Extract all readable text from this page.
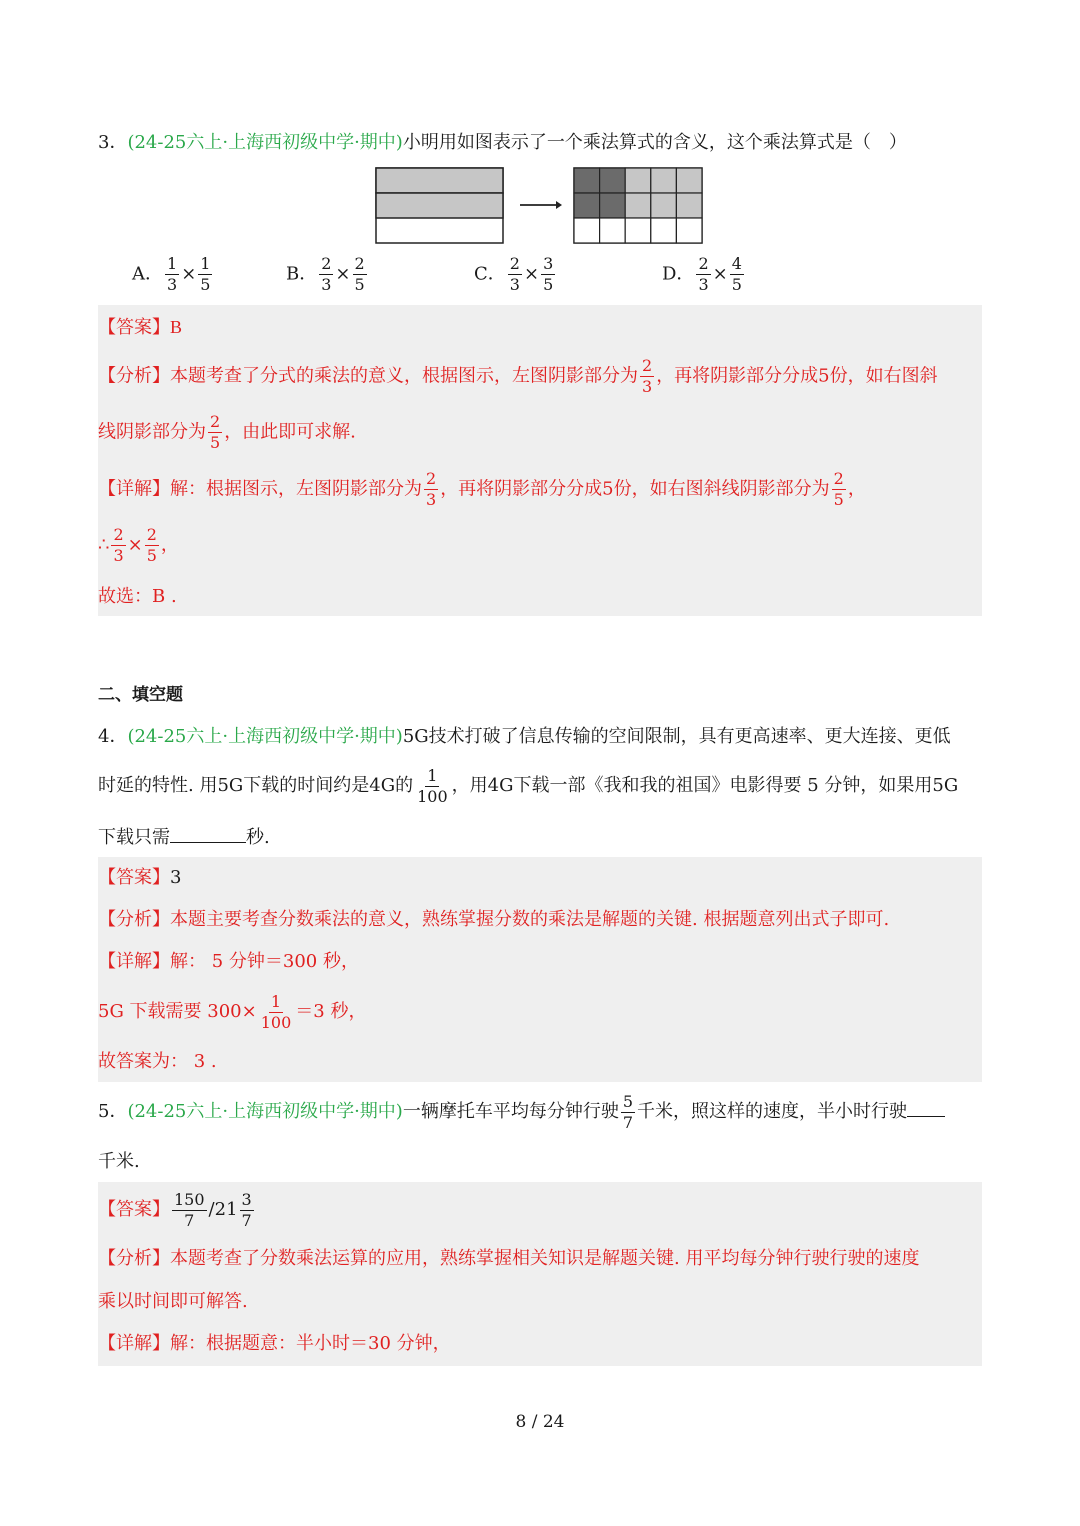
3．(24-25六上·上海西初级中学·期中)小明用如图表示了一个乘法算式的含义，这个乘法算式是（　）
A． $\frac{1}{3} \times \frac{1}{5}$	B． $\frac{2}{3} \times \frac{2}{5}$	C． $\frac{2}{3} \times \frac{3}{5}$	D． $\frac{2}{3} \times \frac{4}{5}$
【答案】B
【分析】本题考查了分式的乘法的意义，根据图示，左图阴影部分为 $\frac{2}{3}$ ，再将阴影部分分成5份，如右图斜
线阴影部分为 $\frac{2}{5}$ ，由此即可求解.
【详解】解：根据图示，左图阴影部分为 $\frac{2}{3}$ ，再将阴影部分分成5份，如右图斜线阴影部分为 $\frac{2}{5}$ ，
∴ $\frac{2}{3} \times \frac{2}{5}$ ，
故选：B .
二、填空题
4．(24-25六上·上海西初级中学·期中)5G技术打破了信息传输的空间限制，具有更高速率、更大连接、更低
时延的特性. 用5G下载的时间约是4G的 $\frac{1}{100}$ ，用4G下载一部《我和我的祖国》电影得要 5 分钟，如果用5G
下载只需	秒.
【答案】3
【分析】本题主要考查分数乘法的意义，熟练掌握分数的乘法是解题的关键. 根据题意列出式子即可.
【详解】解： 5 分钟＝300 秒，
5G 下载需要 $300\times \frac{1}{100} =3$ 秒，
故答案为： 3 .
5．(24-25六上·上海西初级中学·期中)一辆摩托车平均每分钟行驶 $\frac{5}{7}$ 千米，照这样的速度，半小时行驶
千米.
【答案】 $\frac{150}{7} /21 \frac{3}{7}$
【分析】本题考查了分数乘法运算的应用，熟练掌握相关知识是解题关键. 用平均每分钟行驶行驶的速度
乘以时间即可解答.
【详解】解：根据题意：半小时＝30 分钟，
8 / 24
